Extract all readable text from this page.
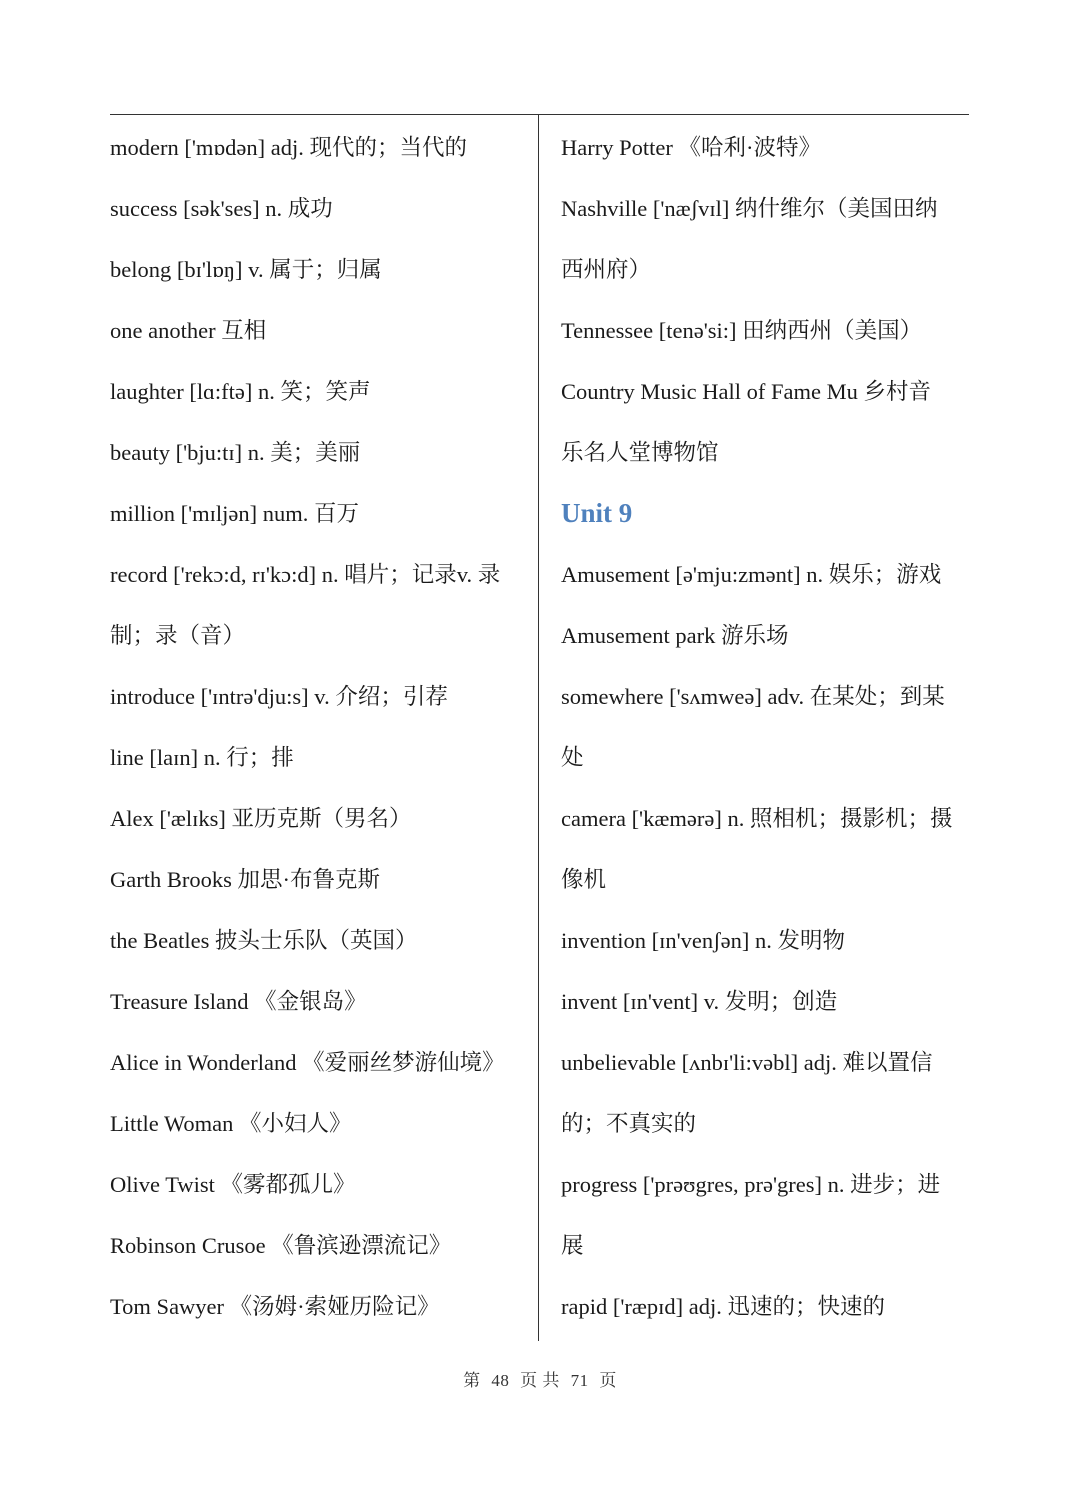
modern ['mɒdən] adj. 现代的；当代的
success [sək'ses] n. 成功
belong [bɪ'lɒŋ] v. 属于；归属
one another 互相
laughter [lɑ:ftə] n. 笑；笑声
beauty ['bju:tɪ] n. 美；美丽
million ['mɪljən] num. 百万
record ['rekɔ:d, rɪ'kɔ:d] n. 唱片；记录v. 录
制；录（音）
introduce ['ɪntrə'dju:s] v. 介绍；引荐
line [laɪn] n. 行；排
Alex ['ælɪks] 亚历克斯（男名）
Garth Brooks 加思·布鲁克斯
the Beatles 披头士乐队（英国）
Treasure Island 《金银岛》
Alice in Wonderland 《爱丽丝梦游仙境》
Little Woman 《小妇人》
Olive Twist 《雾都孤儿》
Robinson Crusoe 《鲁滨逊漂流记》
Tom Sawyer 《汤姆·索娅历险记》
Harry Potter 《哈利·波特》
Nashville ['næʃvɪl] 纳什维尔（美国田纳
西州府）
Tennessee [tenə'si:] 田纳西州（美国）
Country Music Hall of Fame Mu 乡村音
乐名人堂博物馆
Unit 9
Amusement [ə'mju:zmənt] n. 娱乐；游戏
Amusement park 游乐场
somewhere ['sʌmweə] adv. 在某处；到某
处
camera ['kæmərə] n. 照相机；摄影机；摄
像机
invention [ɪn'venʃən] n. 发明物
invent [ɪn'vent] v. 发明；创造
unbelievable [ʌnbɪ'li:vəbl] adj. 难以置信
的；不真实的
progress ['prəʊgres, prə'gres] n. 进步；进
展
rapid ['ræpɪd] adj. 迅速的；快速的
第 48 页 共 71 页
